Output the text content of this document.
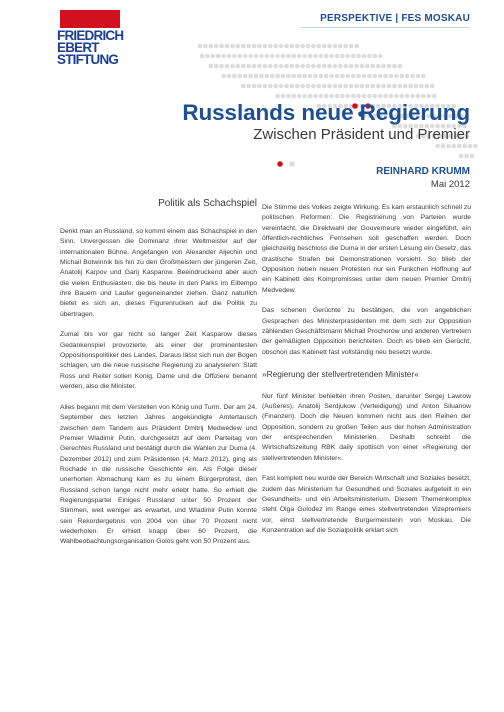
FRIEDRICH
EBERT
STIFTUNG
PERSPEKTIVE | FES MOSKAU
Russlands neue Regierung
Zwischen Präsident und Premier
REINHARD KRUMM
Mai 2012
Politik als Schachspiel

Denkt man an Russland, so kommt einem das Schachspiel in den Sinn. Unvergessen die Dominanz ihrer Weltmeister auf der internationalen Bühne. Angefangen von Alexander Aljechin und Michail Botwinnik bis hin zu den Großmeistern der jüngeren Zeit, Anatolij Karpov und Garij Kasparow. Beeindruckend aber auch die vielen Enthusiasten, die bis heute in den Parks im Eiltempo ihre Bauern und Laufer gegeneinander ziehen. Ganz naturlich bietet es sich an, dieses Figurenrucken auf die Politik zu übertragen.

Zumal bis vor gar nicht so langer Zeit Kasparow dieses Gedankenspiel provozierte, als einer der prominentesten Oppositionspolitiker des Landes. Daraus lässt sich nun der Bogen schlagen, um die neue russische Regierung zu analysieren: Statt Ross und Reiter sollen Konig, Dame und die Offiziere benannt werden, also die Minister.

Alles begann mit dem Verstellen von König und Turm. Der am 24. September des letzten Jahres angekündigte Amtertausch zwischen dem Tandem aus Präsident Dmitrij Medwedew und Premier Wladimir Putin, durchgesetzt auf dem Parteitag von Gerechtes Russland und bestätigt durch die Wahlen zur Duma (4. Dezember 2012) und zum Präsidenten (4. Marz 2012), ging als Rochade in die russische Geschichte ein. Als Folge dieser unerhorten Abmachung kam es zu einem Bürgerprotest, den Russland schon lange nicht mehr erlebt hatte. So erhielt die Regierungspartei Einiges Russland unter 50 Prozent der Stimmen, weit weniger als erwartet, und Wladimir Putin konnte sein Rekordergebnis von 2004 von über 70 Prozent nicht wiederholen. Er erhielt knapp über 60 Prozent, die Wahlbeobachtungsorganisation Golos geht von 50 Prozent aus.

Die Stimme des Volkes zeigte Wirkung. Es kam erstaunlich schnell zu politischen Reformen: Die Registrierung von Parteien wurde vereinfacht, die Direktwahl der Gouverneure wieder eingeführt, ein öffentlich-rechtliches Fernsehen soll geschaffen werden. Doch gleichzeitig beschloss die Duma in der ersten Lesung ein Gesetz, das drastische Strafen bei Demonstrationen vorsieht. So blieb der Opposition neben neuen Protesten nur ein Funkchen Hoffnung auf ein Kabinett des Kompromisses unter dem neuen Premier Dmitrij Medvedew.

Das schenen Gerüchte zu bestätigen, die von angeblichen Gesprachen des Ministerprasidenten mit dem sich zur Opposition zählenden Geschäftsmann Michail Prochorow und anderen Vertretern der gemäßigten Opposition berichteten. Doch es blieb ein Gerücht, obschon das Kabinett fast vollständig neu besetzt wurde.

»Regierung der stellvertretenden Minister«

Nur fünf Minister behielten ihren Posten, darunter Sergej Lawrow (Außeres), Anatolij Serdjukow (Verteidigung) und Anton Siluanow (Finanzen). Doch die Neuen kommen nicht aus den Reihen der Opposition, sondern zu großen Teilen aus der hohen Administration der entsprechenden Ministerien. Deshalb schreibt die Wirtschaftszeitung RBK daily spottisch von einer »Regierung der stellvertretenden Minister«.

Fast komplett neu wurde der Bereich Wirtschaft und Soziales besetzt, zudem das Ministerium fur Gesundheit und Soziales aufgeteilt in ein Gesundheits- und ein Arbeitsministerium. Diesem Themenkomplex steht Olga Golodez im Range eines stellvertretenden Vizepremiers vor, einst stellvertretende Burgermeisterin von Moskau. Die Konzentration auf die Sozialpolitik erklart sich
